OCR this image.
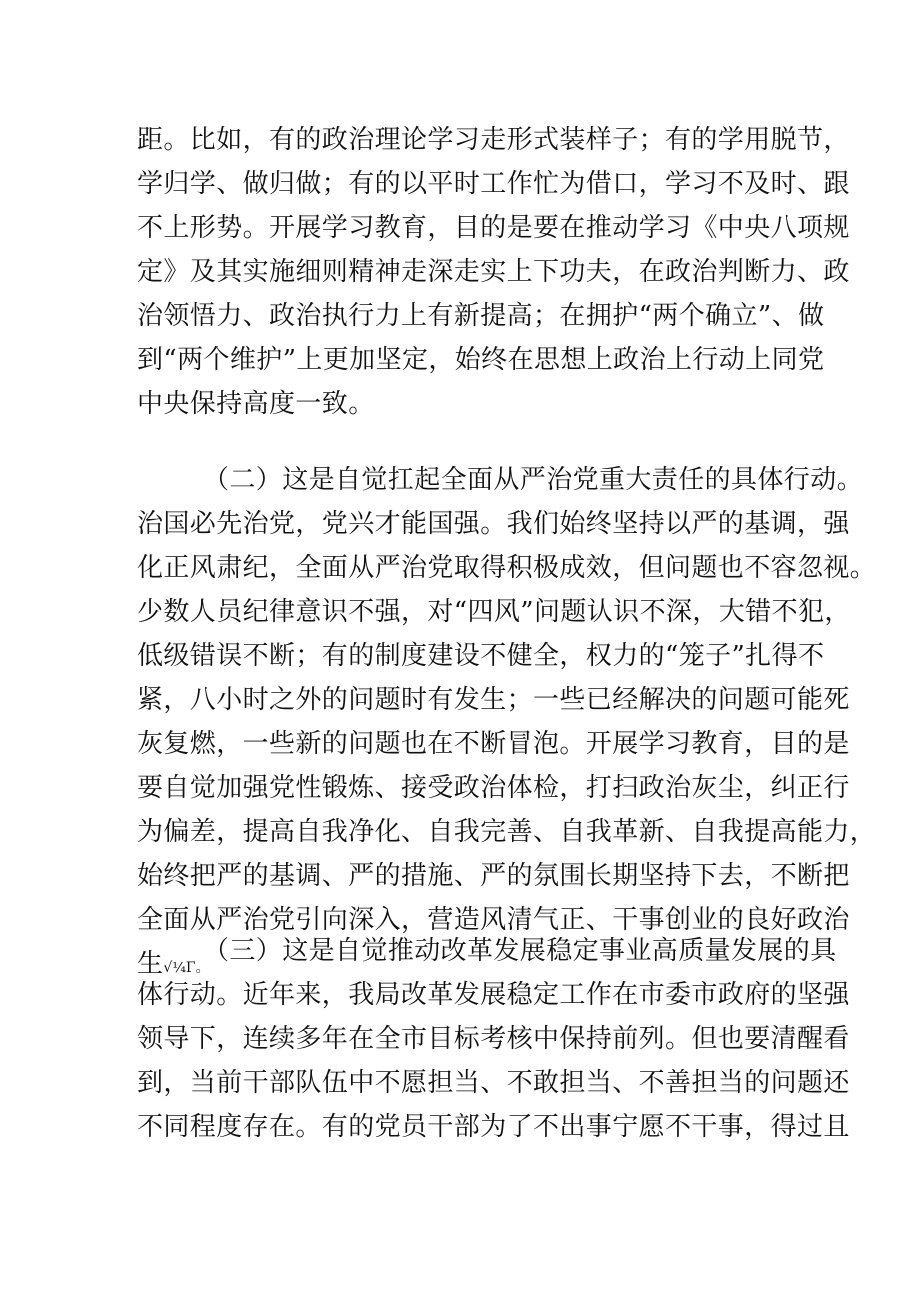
距。比如，有的政治理论学习走形式装样子；有的学用脱节，
学归学、做归做；有的以平时工作忙为借口，学习不及时、跟
不上形势。开展学习教育，目的是要在推动学习《中央八项规
定》及其实施细则精神走深走实上下功夫，在政治判断力、政
治领悟力、政治执行力上有新提高；在拥护“两个确立”、做
到“两个维护”上更加坚定，始终在思想上政治上行动上同党
中央保持高度一致。
（二）这是自觉扛起全面从严治党重大责任的具体行动。
治国必先治党，党兴才能国强。我们始终坚持以严的基调，强
化正风肃纪，全面从严治党取得积极成效，但问题也不容忽视。
少数人员纪律意识不强，对“四风”问题认识不深，大错不犯，
低级错误不断；有的制度建设不健全，权力的“笼子”扎得不
紧，八小时之外的问题时有发生；一些已经解决的问题可能死
灰复燃，一些新的问题也在不断冒泡。开展学习教育，目的是
要自觉加强党性锻炼、接受政治体检，打扫政治灰尘，纠正行
为偏差，提高自我净化、自我完善、自我革新、自我提高能力，
始终把严的基调、严的措施、严的氛围长期坚持下去，不断把
全面从严治党引向深入，营造风清气正、干事创业的良好政治
生√¼Γ。
（三）这是自觉推动改革发展稳定事业高质量发展的具
体行动。近年来，我局改革发展稳定工作在市委市政府的坚强
领导下，连续多年在全市目标考核中保持前列。但也要清醒看
到，当前干部队伍中不愿担当、不敢担当、不善担当的问题还
不同程度存在。有的党员干部为了不出事宁愿不干事，得过且
